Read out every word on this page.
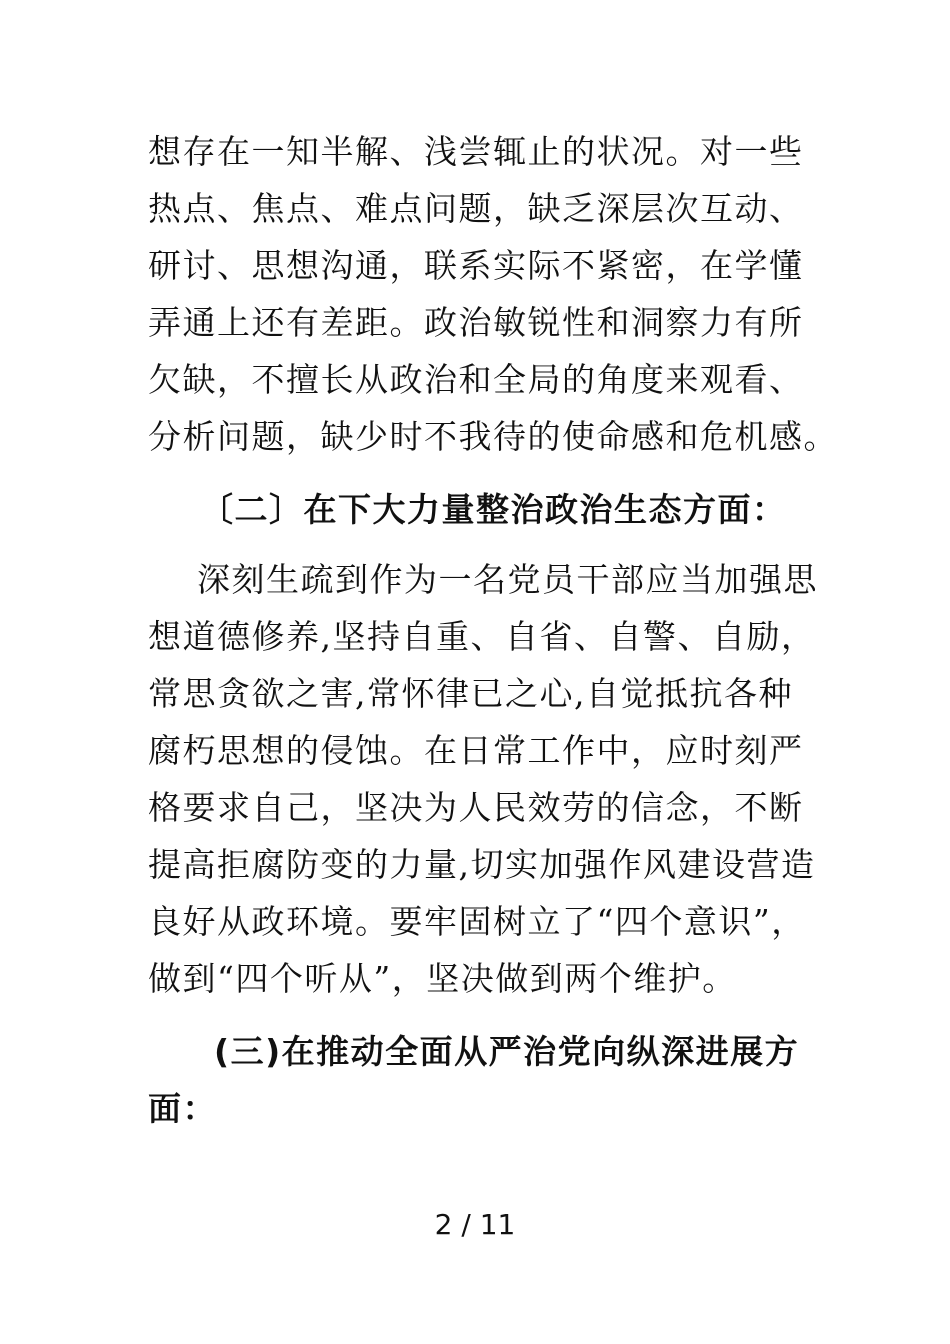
想存在一知半解、浅尝辄止的状况。对一些
热点、焦点、难点问题，缺乏深层次互动、
研讨、思想沟通，联系实际不紧密，在学懂
弄通上还有差距。政治敏锐性和洞察力有所
欠缺，不擅长从政治和全局的角度来观看、
分析问题，缺少时不我待的使命感和危机感。
〔二〕在下大力量整治政治生态方面：
深刻生疏到作为一名党员干部应当加强思
想道德修养,坚持自重、自省、自警、自励，
常思贪欲之害,常怀律已之心,自觉抵抗各种
腐朽思想的侵蚀。在日常工作中，应时刻严
格要求自己，坚决为人民效劳的信念，不断
提高拒腐防变的力量,切实加强作风建设营造
良好从政环境。要牢固树立了“四个意识”，
做到“四个听从”，坚决做到两个维护。
(三)在推动全面从严治党向纵深进展方
面：
2 / 11
